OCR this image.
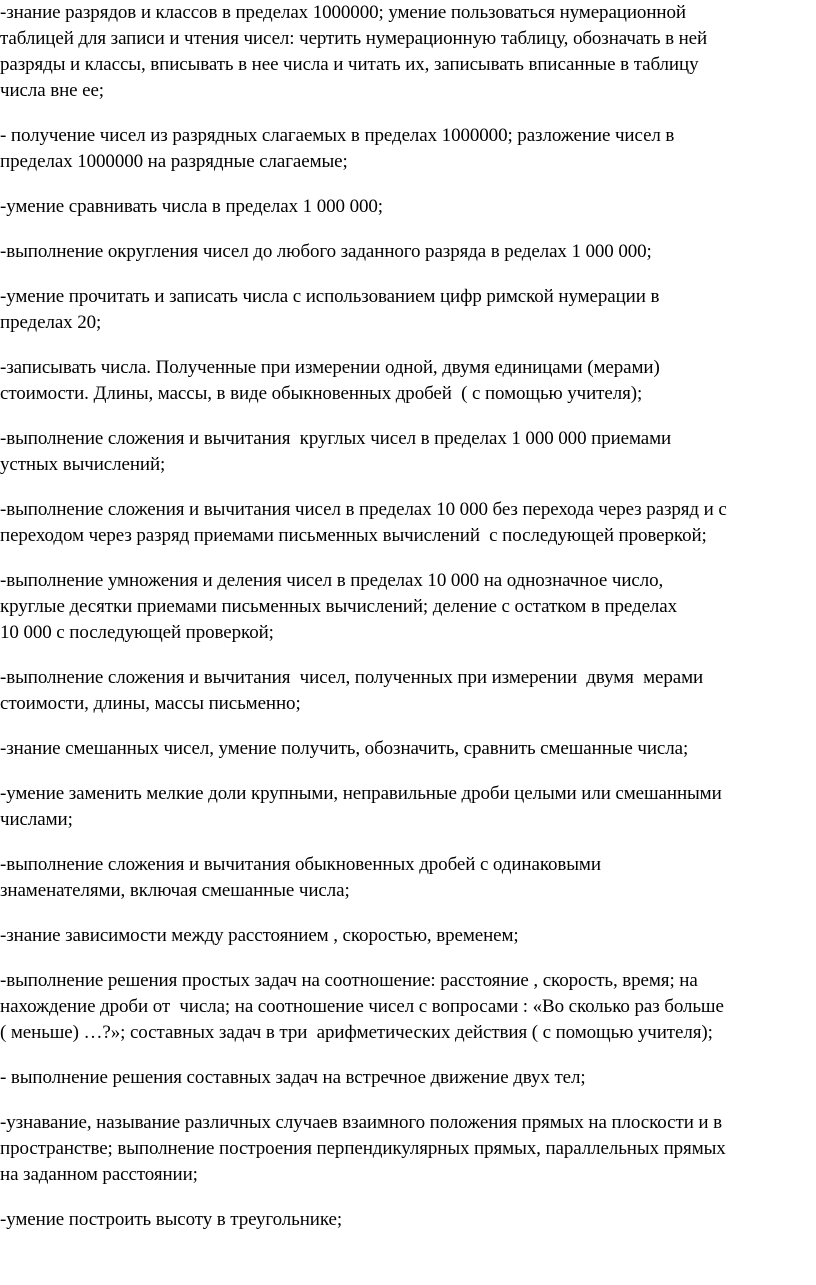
-знание разрядов и классов в пределах 1000000; умение пользоваться нумерационной
таблицей для записи и чтения чисел: чертить нумерационную таблицу, обозначать в ней
разряды и классы, вписывать в нее числа и читать их, записывать вписанные в таблицу
числа вне ее;

- получение чисел из разрядных слагаемых в пределах 1000000; разложение чисел в
пределах 1000000 на разрядные слагаемые;

-умение сравнивать числа в пределах 1 000 000;

-выполнение округления чисел до любого заданного разряда в ределах 1 000 000;

-умение прочитать и записать числа с использованием цифр римской нумерации в
пределах 20;

-записывать числа. Полученные при измерении одной, двумя единицами (мерами)
стоимости. Длины, массы, в виде обыкновенных дробей  ( с помощью учителя);

-выполнение сложения и вычитания  круглых чисел в пределах 1 000 000 приемами
устных вычислений;

-выполнение сложения и вычитания чисел в пределах 10 000 без перехода через разряд и с
переходом через разряд приемами письменных вычислений  с последующей проверкой;

-выполнение умножения и деления чисел в пределах 10 000 на однозначное число,
круглые десятки приемами письменных вычислений; деление с остатком в пределах
10 000 с последующей проверкой;

-выполнение сложения и вычитания  чисел, полученных при измерении  двумя  мерами
стоимости, длины, массы письменно;

-знание смешанных чисел, умение получить, обозначить, сравнить смешанные числа;

-умение заменить мелкие доли крупными, неправильные дроби целыми или смешанными
числами;

-выполнение сложения и вычитания обыкновенных дробей с одинаковыми
знаменателями, включая смешанные числа;

-знание зависимости между расстоянием , скоростью, временем;

-выполнение решения простых задач на соотношение: расстояние , скорость, время; на
нахождение дроби от  числа; на соотношение чисел с вопросами : «Во сколько раз больше
( меньше) …?»; составных задач в три  арифметических действия ( с помощью учителя);

- выполнение решения составных задач на встречное движение двух тел;

-узнавание, называние различных случаев взаимного положения прямых на плоскости и в
пространстве; выполнение построения перпендикулярных прямых, параллельных прямых
на заданном расстоянии;

-умение построить высоту в треугольнике;
